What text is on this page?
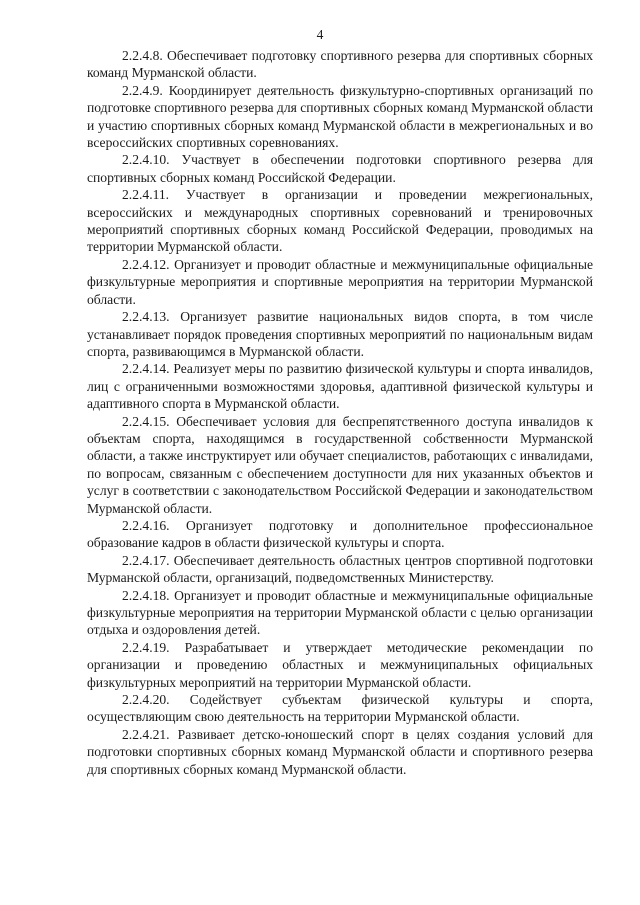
4

2.2.4.8. Обеспечивает подготовку спортивного резерва для спортивных сборных команд Мурманской области.

2.2.4.9. Координирует деятельность физкультурно-спортивных организаций по подготовке спортивного резерва для спортивных сборных команд Мурманской области и участию спортивных сборных команд Мурманской области в межрегиональных и во всероссийских спортивных соревнованиях.

2.2.4.10. Участвует в обеспечении подготовки спортивного резерва для спортивных сборных команд Российской Федерации.

2.2.4.11. Участвует в организации и проведении межрегиональных, всероссийских и международных спортивных соревнований и тренировочных мероприятий спортивных сборных команд Российской Федерации, проводимых на территории Мурманской области.

2.2.4.12. Организует и проводит областные и межмуниципальные официальные физкультурные мероприятия и спортивные мероприятия на территории Мурманской области.

2.2.4.13. Организует развитие национальных видов спорта, в том числе устанавливает порядок проведения спортивных мероприятий по национальным видам спорта, развивающимся в Мурманской области.

2.2.4.14. Реализует меры по развитию физической культуры и спорта инвалидов, лиц с ограниченными возможностями здоровья, адаптивной физической культуры и адаптивного спорта в Мурманской области.

2.2.4.15. Обеспечивает условия для беспрепятственного доступа инвалидов к объектам спорта, находящимся в государственной собственности Мурманской области, а также инструктирует или обучает специалистов, работающих с инвалидами, по вопросам, связанным с обеспечением доступности для них указанных объектов и услуг в соответствии с законодательством Российской Федерации и законодательством Мурманской области.

2.2.4.16. Организует подготовку и дополнительное профессиональное образование кадров в области физической культуры и спорта.

2.2.4.17. Обеспечивает деятельность областных центров спортивной подготовки Мурманской области, организаций, подведомственных Министерству.

2.2.4.18. Организует и проводит областные и межмуниципальные официальные физкультурные мероприятия на территории Мурманской области с целью организации отдыха и оздоровления детей.

2.2.4.19. Разрабатывает и утверждает методические рекомендации по организации и проведению областных и межмуниципальных официальных физкультурных мероприятий на территории Мурманской области.

2.2.4.20. Содействует субъектам физической культуры и спорта, осуществляющим свою деятельность на территории Мурманской области.

2.2.4.21. Развивает детско-юношеский спорт в целях создания условий для подготовки спортивных сборных команд Мурманской области и спортивного резерва для спортивных сборных команд Мурманской области.
